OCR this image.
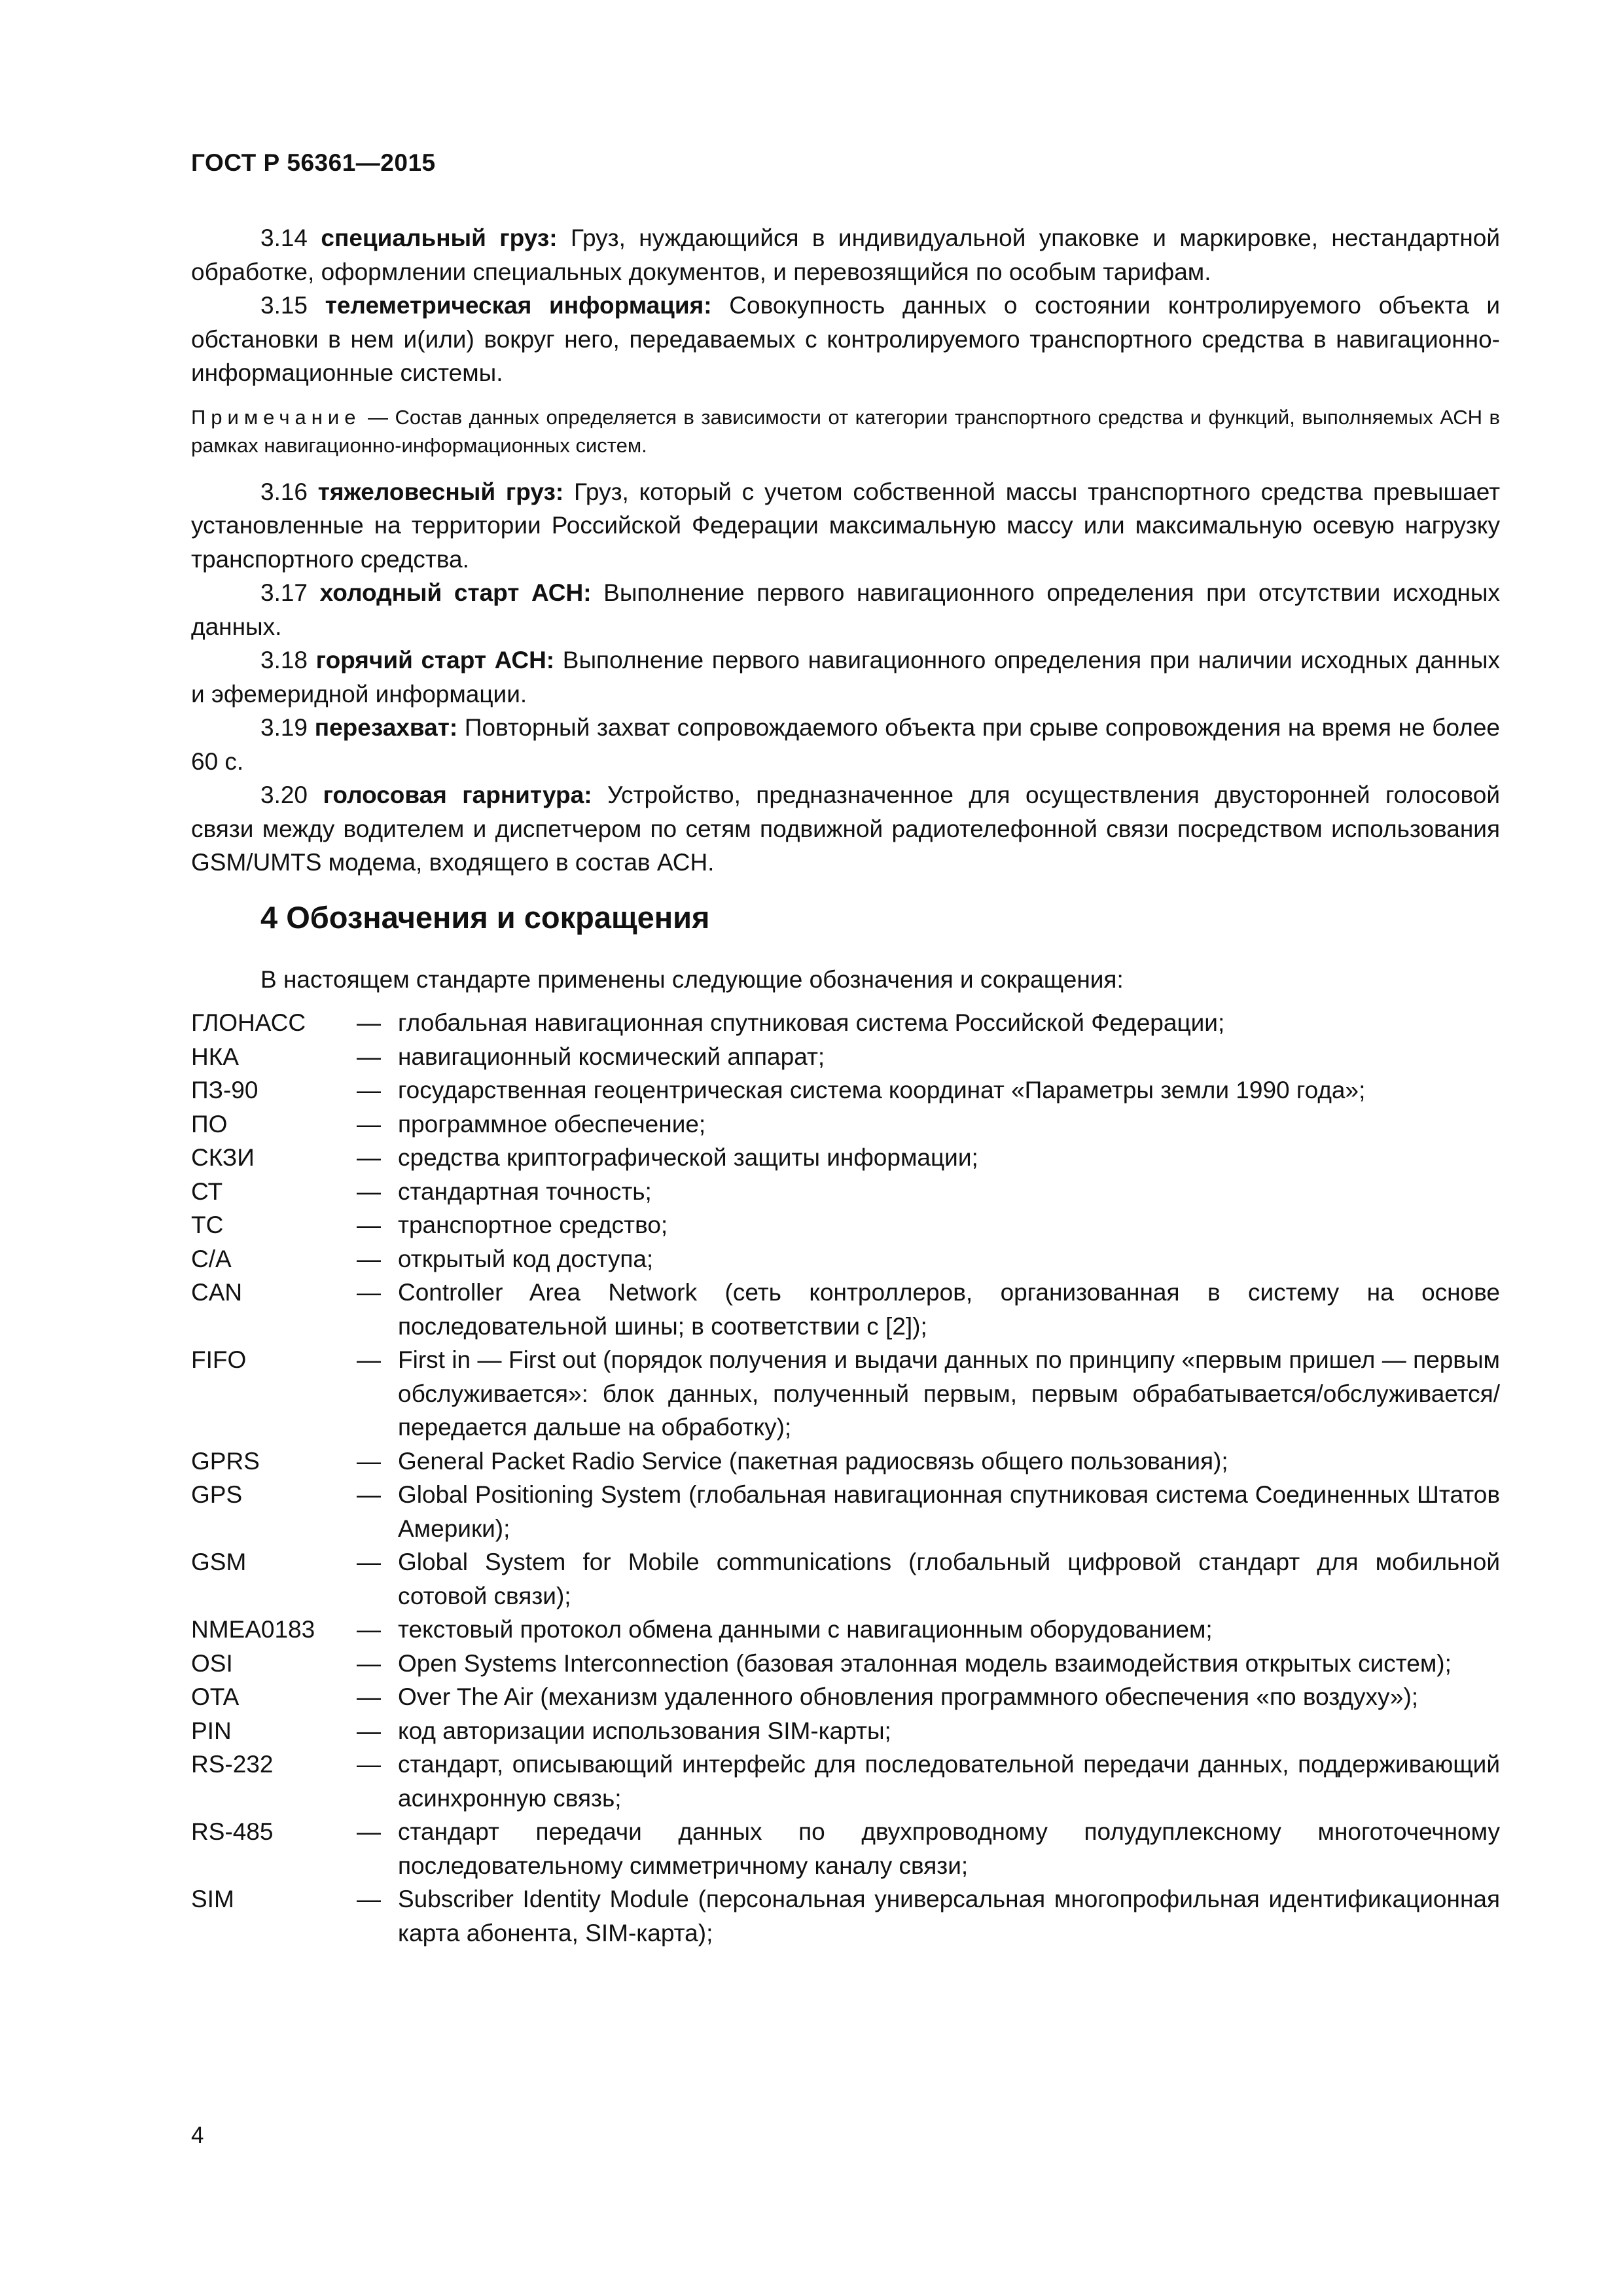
ГОСТ Р 56361—2015

3.14 специальный груз: Груз, нуждающийся в индивидуальной упаковке и маркировке, нестандартной обработке, оформлении специальных документов, и перевозящийся по особым тарифам.

3.15 телеметрическая информация: Совокупность данных о состоянии контролируемого объекта и обстановки в нем и(или) вокруг него, передаваемых с контролируемого транспортного средства в навигационно-информационные системы.

Примечание — Состав данных определяется в зависимости от категории транспортного средства и функций, выполняемых АСН в рамках навигационно-информационных систем.

3.16 тяжеловесный груз: Груз, который с учетом собственной массы транспортного средства превышает установленные на территории Российской Федерации максимальную массу или максимальную осевую нагрузку транспортного средства.

3.17 холодный старт АСН: Выполнение первого навигационного определения при отсутствии исходных данных.

3.18 горячий старт АСН: Выполнение первого навигационного определения при наличии исходных данных и эфемеридной информации.

3.19 перезахват: Повторный захват сопровождаемого объекта при срыве сопровождения на время не более 60 с.

3.20 голосовая гарнитура: Устройство, предназначенное для осуществления двусторонней голосовой связи между водителем и диспетчером по сетям подвижной радиотелефонной связи посредством использования GSM/UMTS модема, входящего в состав АСН.

4 Обозначения и сокращения
В настоящем стандарте применены следующие обозначения и сокращения:
ГЛОНАСС	— глобальная навигационная спутниковая система Российской Федерации;
НКА	— навигационный космический аппарат;
ПЗ-90	— государственная геоцентрическая система координат «Параметры земли 1990 года»;
ПО	— программное обеспечение;
СКЗИ	— средства криптографической защиты информации;
СТ	— стандартная точность;
ТС	— транспортное средство;
C/A	— открытый код доступа;
CAN	— Controller Area Network (сеть контроллеров, организованная в систему на основе последовательной шины; в соответствии с [2]);
FIFO	— First in — First out (порядок получения и выдачи данных по принципу «первым пришел — первым обслуживается»: блок данных, полученный первым, первым обрабатывается/обслуживается/передается дальше на обработку);
GPRS	— General Packet Radio Service (пакетная радиосвязь общего пользования);
GPS	— Global Positioning System (глобальная навигационная спутниковая система Соединенных Штатов Америки);
GSM	— Global System for Mobile communications (глобальный цифровой стандарт для мобильной сотовой связи);
NMEA0183	— текстовый протокол обмена данными с навигационным оборудованием;
OSI	— Open Systems Interconnection (базовая эталонная модель взаимодействия открытых систем);
OTA	— Over The Air (механизм удаленного обновления программного обеспечения «по воздуху»);
PIN	— код авторизации использования SIM-карты;
RS-232	— стандарт, описывающий интерфейс для последовательной передачи данных, поддерживающий асинхронную связь;
RS-485	— стандарт передачи данных по двухпроводному полудуплексному многоточечному последовательному симметричному каналу связи;
SIM	— Subscriber Identity Module (персональная универсальная многопрофильная идентификационная карта абонента, SIM-карта);
4
